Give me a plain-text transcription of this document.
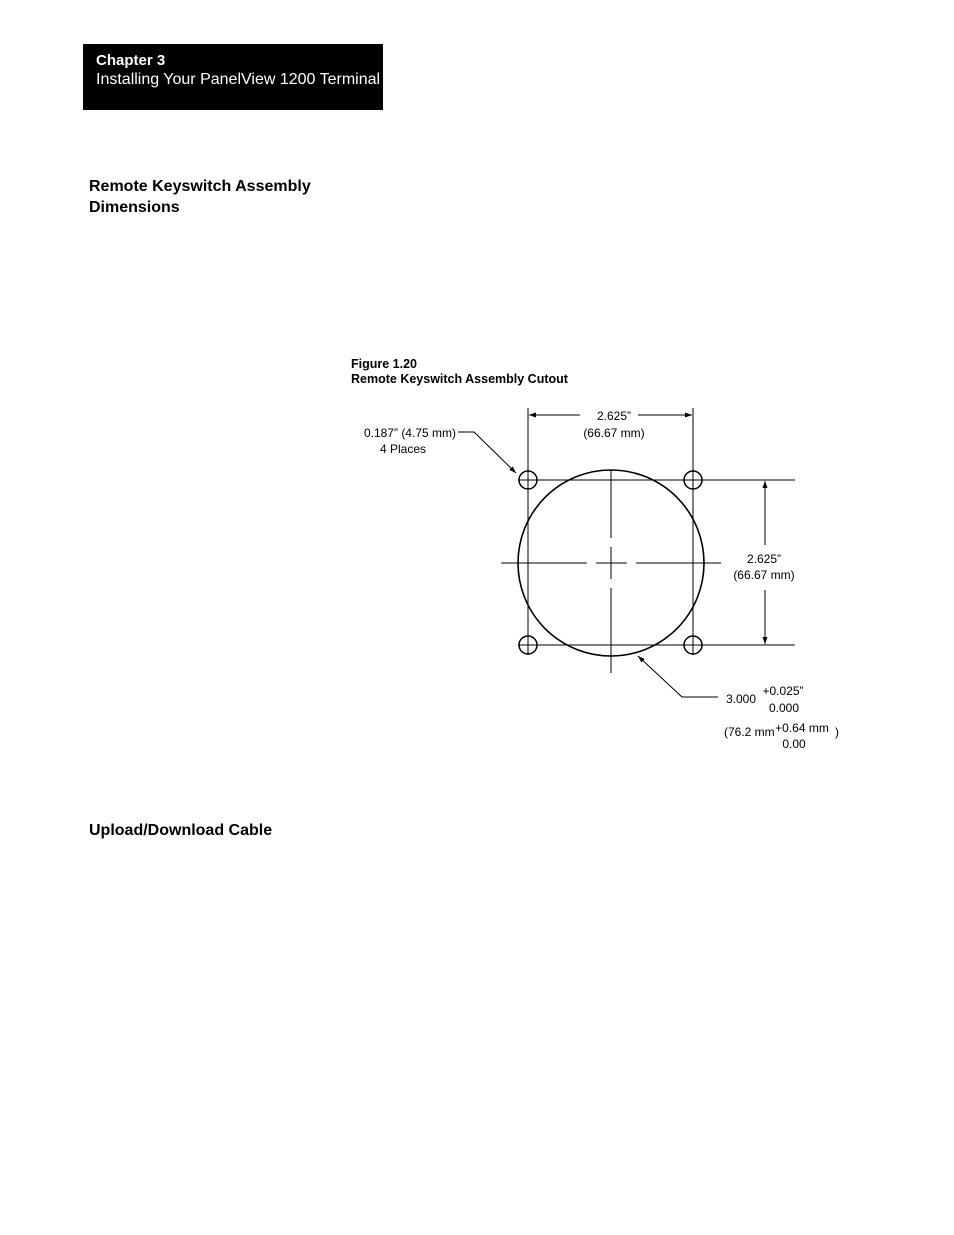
Chapter 3
Installing Your PanelView 1200 Terminal
Remote Keyswitch Assembly
Dimensions
Figure 1.20
Remote Keyswitch Assembly Cutout
2.625”
(66.67 mm)
0.187” (4.75 mm)
4 Places
2.625”
(66.67 mm)
3.000
+0.025”
0.000
(76.2 mm +0.64 mm
0.00
)
Upload/Download Cable
